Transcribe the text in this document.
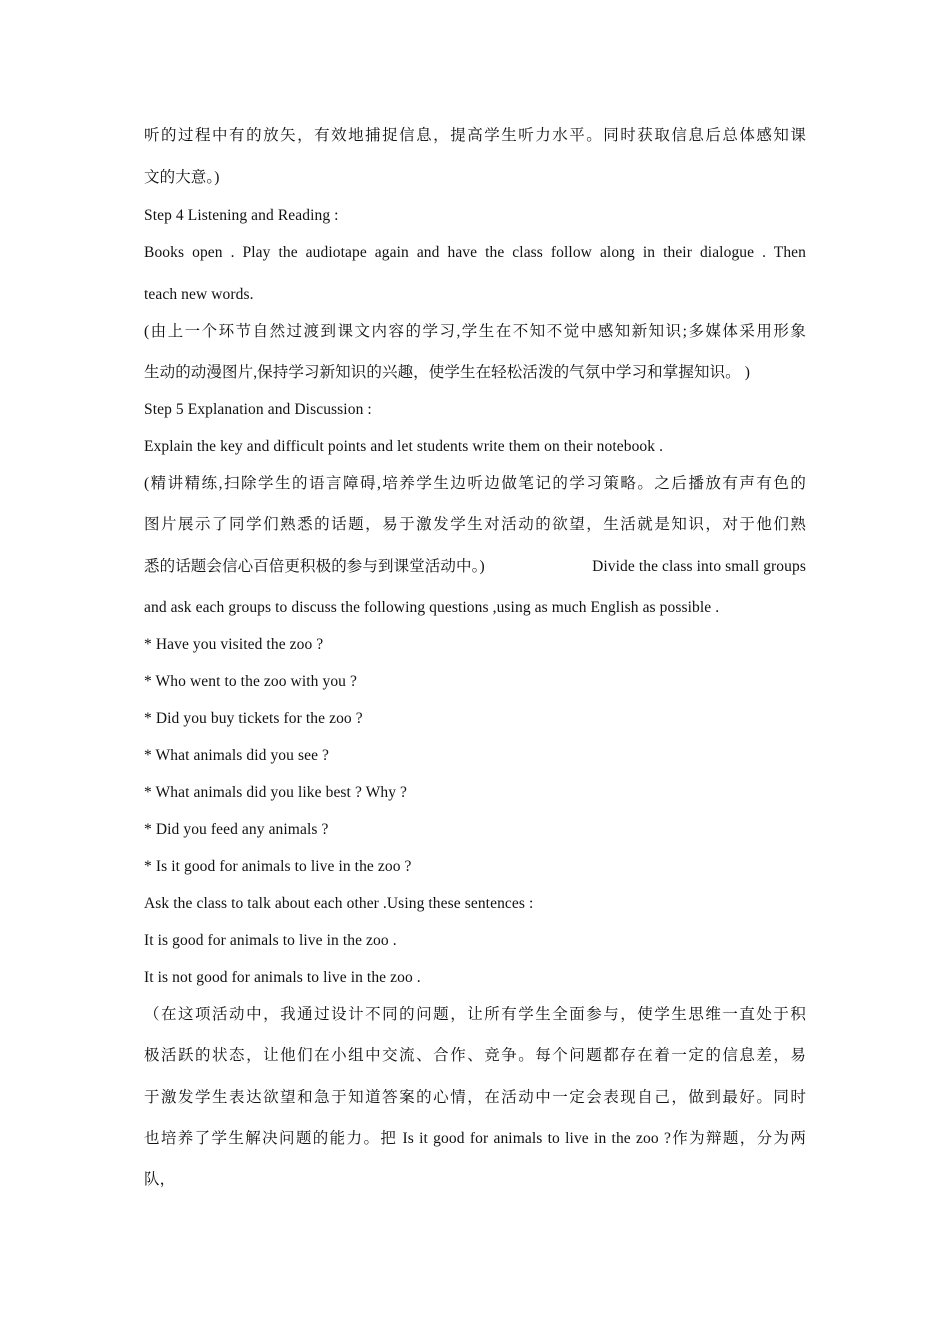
听的过程中有的放矢，有效地捕捉信息，提高学生听力水平。同时获取信息后总体感知课
文的大意。)
Step 4 Listening and Reading :
Books open . Play the audiotape again and have the class follow along in their dialogue . Then
teach new words.
(由上一个环节自然过渡到课文内容的学习,学生在不知不觉中感知新知识;多媒体采用形象
生动的动漫图片,保持学习新知识的兴趣，使学生在轻松活泼的气氛中学习和掌握知识。 )
Step 5 Explanation and Discussion :
Explain the key and difficult points and let students write them on their notebook .
(精讲精练,扫除学生的语言障碍,培养学生边听边做笔记的学习策略。之后播放有声有色的
图片展示了同学们熟悉的话题，易于激发学生对活动的欲望，生活就是知识，对于他们熟
悉的话题会信心百倍更积极的参与到课堂活动中。)	Divide the class into small groups
and ask each groups to discuss the following questions ,using as much English as possible .
* Have you visited the zoo ?
* Who went to the zoo with you ?
* Did you buy tickets for the zoo ?
* What animals did you see ?
* What animals did you like best ? Why ?
* Did you feed any animals ?
* Is it good for animals to live in the zoo ?
Ask the class to talk about each other .Using these sentences :
It is good for animals to live in the zoo .
It is not good for animals to live in the zoo .
（在这项活动中，我通过设计不同的问题，让所有学生全面参与，使学生思维一直处于积
极活跃的状态，让他们在小组中交流、合作、竞争。每个问题都存在着一定的信息差，易
于激发学生表达欲望和急于知道答案的心情，在活动中一定会表现自己，做到最好。同时
也培养了学生解决问题的能力。把 Is it good for animals to live in the zoo ?作为辩题，分为两
队，
